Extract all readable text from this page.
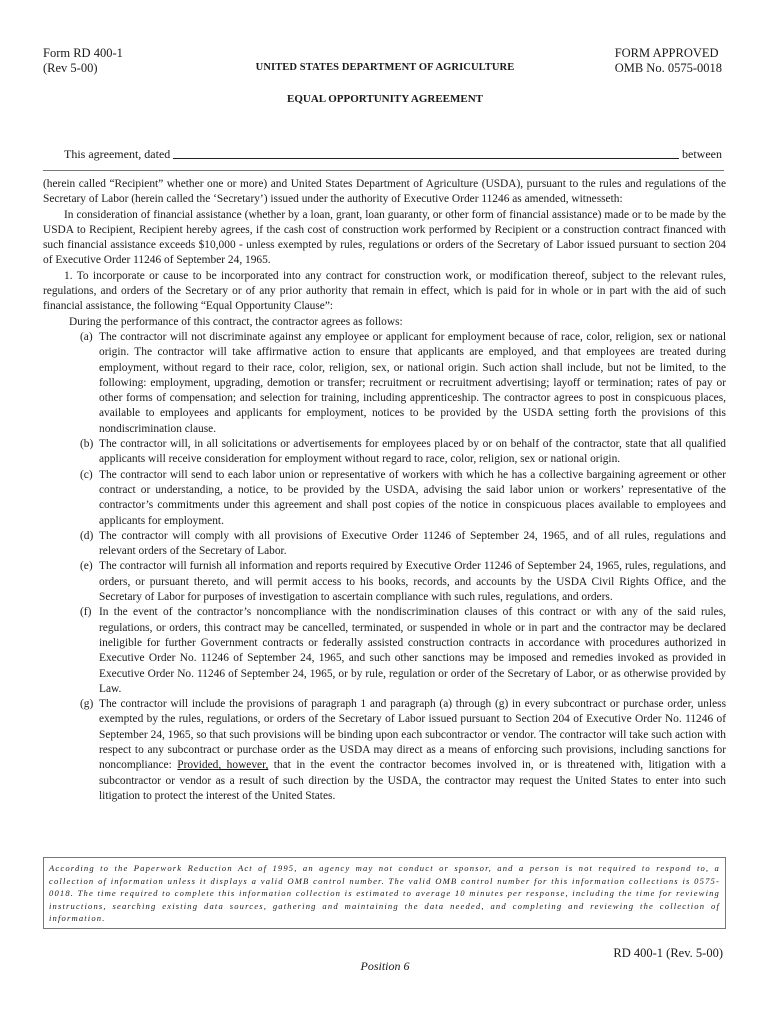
Form RD 400-1
(Rev 5-00)	UNITED STATES DEPARTMENT OF AGRICULTURE
FORM APPROVED
OMB No. 0575-0018
EQUAL OPPORTUNITY AGREEMENT
This agreement, dated	between

(herein called “Recipient” whether one or more) and United States Department of Agriculture (USDA), pursuant to the rules and regulations of the Secretary of Labor (herein called the ‘Secretary’) issued under the authority of Executive Order 11246 as amended, witnesseth:

In consideration of financial assistance (whether by a loan, grant, loan guaranty, or other form of financial assistance) made or to be made by the USDA to Recipient, Recipient hereby agrees, if the cash cost of construction work performed by Recipient or a construction contract financed with such financial assistance exceeds $10,000 - unless exempted by rules, regulations or orders of the Secretary of Labor issued pursuant to section 204 of Executive Order 11246 of September 24, 1965.

1. To incorporate or cause to be incorporated into any contract for construction work, or modification thereof, subject to the relevant rules, regulations, and orders of the Secretary or of any prior authority that remain in effect, which is paid for in whole or in part with the aid of such financial assistance, the following “Equal Opportunity Clause”:

During the performance of this contract, the contractor agrees as follows:

(a) The contractor will not discriminate against any employee or applicant for employment because of race, color, religion, sex or national origin. The contractor will take affirmative action to ensure that applicants are employed, and that employees are treated during employment, without regard to their race, color, religion, sex, or national origin. Such action shall include, but not be limited, to the following: employment, upgrading, demotion or transfer; recruitment or recruitment advertising; layoff or termination; rates of pay or other forms of compensation; and selection for training, including apprenticeship. The contractor agrees to post in conspicuous places, available to employees and applicants for employment, notices to be provided by the USDA setting forth the provisions of this nondiscrimination clause.
(b) The contractor will, in all solicitations or advertisements for employees placed by or on behalf of the contractor, state that all qualified applicants will receive consideration for employment without regard to race, color, religion, sex or national origin.
(c) The contractor will send to each labor union or representative of workers with which he has a collective bargaining agreement or other contract or understanding, a notice, to be provided by the USDA, advising the said labor union or workers’ representative of the contractor’s commitments under this agreement and shall post copies of the notice in conspicuous places available to employees and applicants for employment.
(d) The contractor will comply with all provisions of Executive Order 11246 of September 24, 1965, and of all rules, regulations and relevant orders of the Secretary of Labor.
(e) The contractor will furnish all information and reports required by Executive Order 11246 of September 24, 1965, rules, regulations, and orders, or pursuant thereto, and will permit access to his books, records, and accounts by the USDA Civil Rights Office, and the Secretary of Labor for purposes of investigation to ascertain compliance with such rules, regulations, and orders.
(f) In the event of the contractor’s noncompliance with the nondiscrimination clauses of this contract or with any of the said rules, regulations, or orders, this contract may be cancelled, terminated, or suspended in whole or in part and the contractor may be declared ineligible for further Government contracts or federally assisted construction contracts in accordance with procedures authorized in Executive Order No. 11246 of September 24, 1965, and such other sanctions may be imposed and remedies invoked as provided in Executive Order No. 11246 of September 24, 1965, or by rule, regulation or order of the Secretary of Labor, or as otherwise provided by Law.
(g) The contractor will include the provisions of paragraph 1 and paragraph (a) through (g) in every subcontract or purchase order, unless exempted by the rules, regulations, or orders of the Secretary of Labor issued pursuant to Section 204 of Executive Order No. 11246 of September 24, 1965, so that such provisions will be binding upon each subcontractor or vendor. The contractor will take such action with respect to any subcontract or purchase order as the USDA may direct as a means of enforcing such provisions, including sanctions for noncompliance: Provided, however, that in the event the contractor becomes involved in, or is threatened with, litigation with a subcontractor or vendor as a result of such direction by the USDA, the contractor may request the United States to enter into such litigation to protect the interest of the United States.
According to the Paperwork Reduction Act of 1995, an agency may not conduct or sponsor, and a person is not required to respond to, a collection of information unless it displays a valid OMB control number. The valid OMB control number for this information collections is 0575-0018. The time required to complete this information collection is estimated to average 10 minutes per response, including the time for reviewing instructions, searching existing data sources, gathering and maintaining the data needed, and completing and reviewing the collection of information.
RD 400-1 (Rev. 5-00)
Position 6
